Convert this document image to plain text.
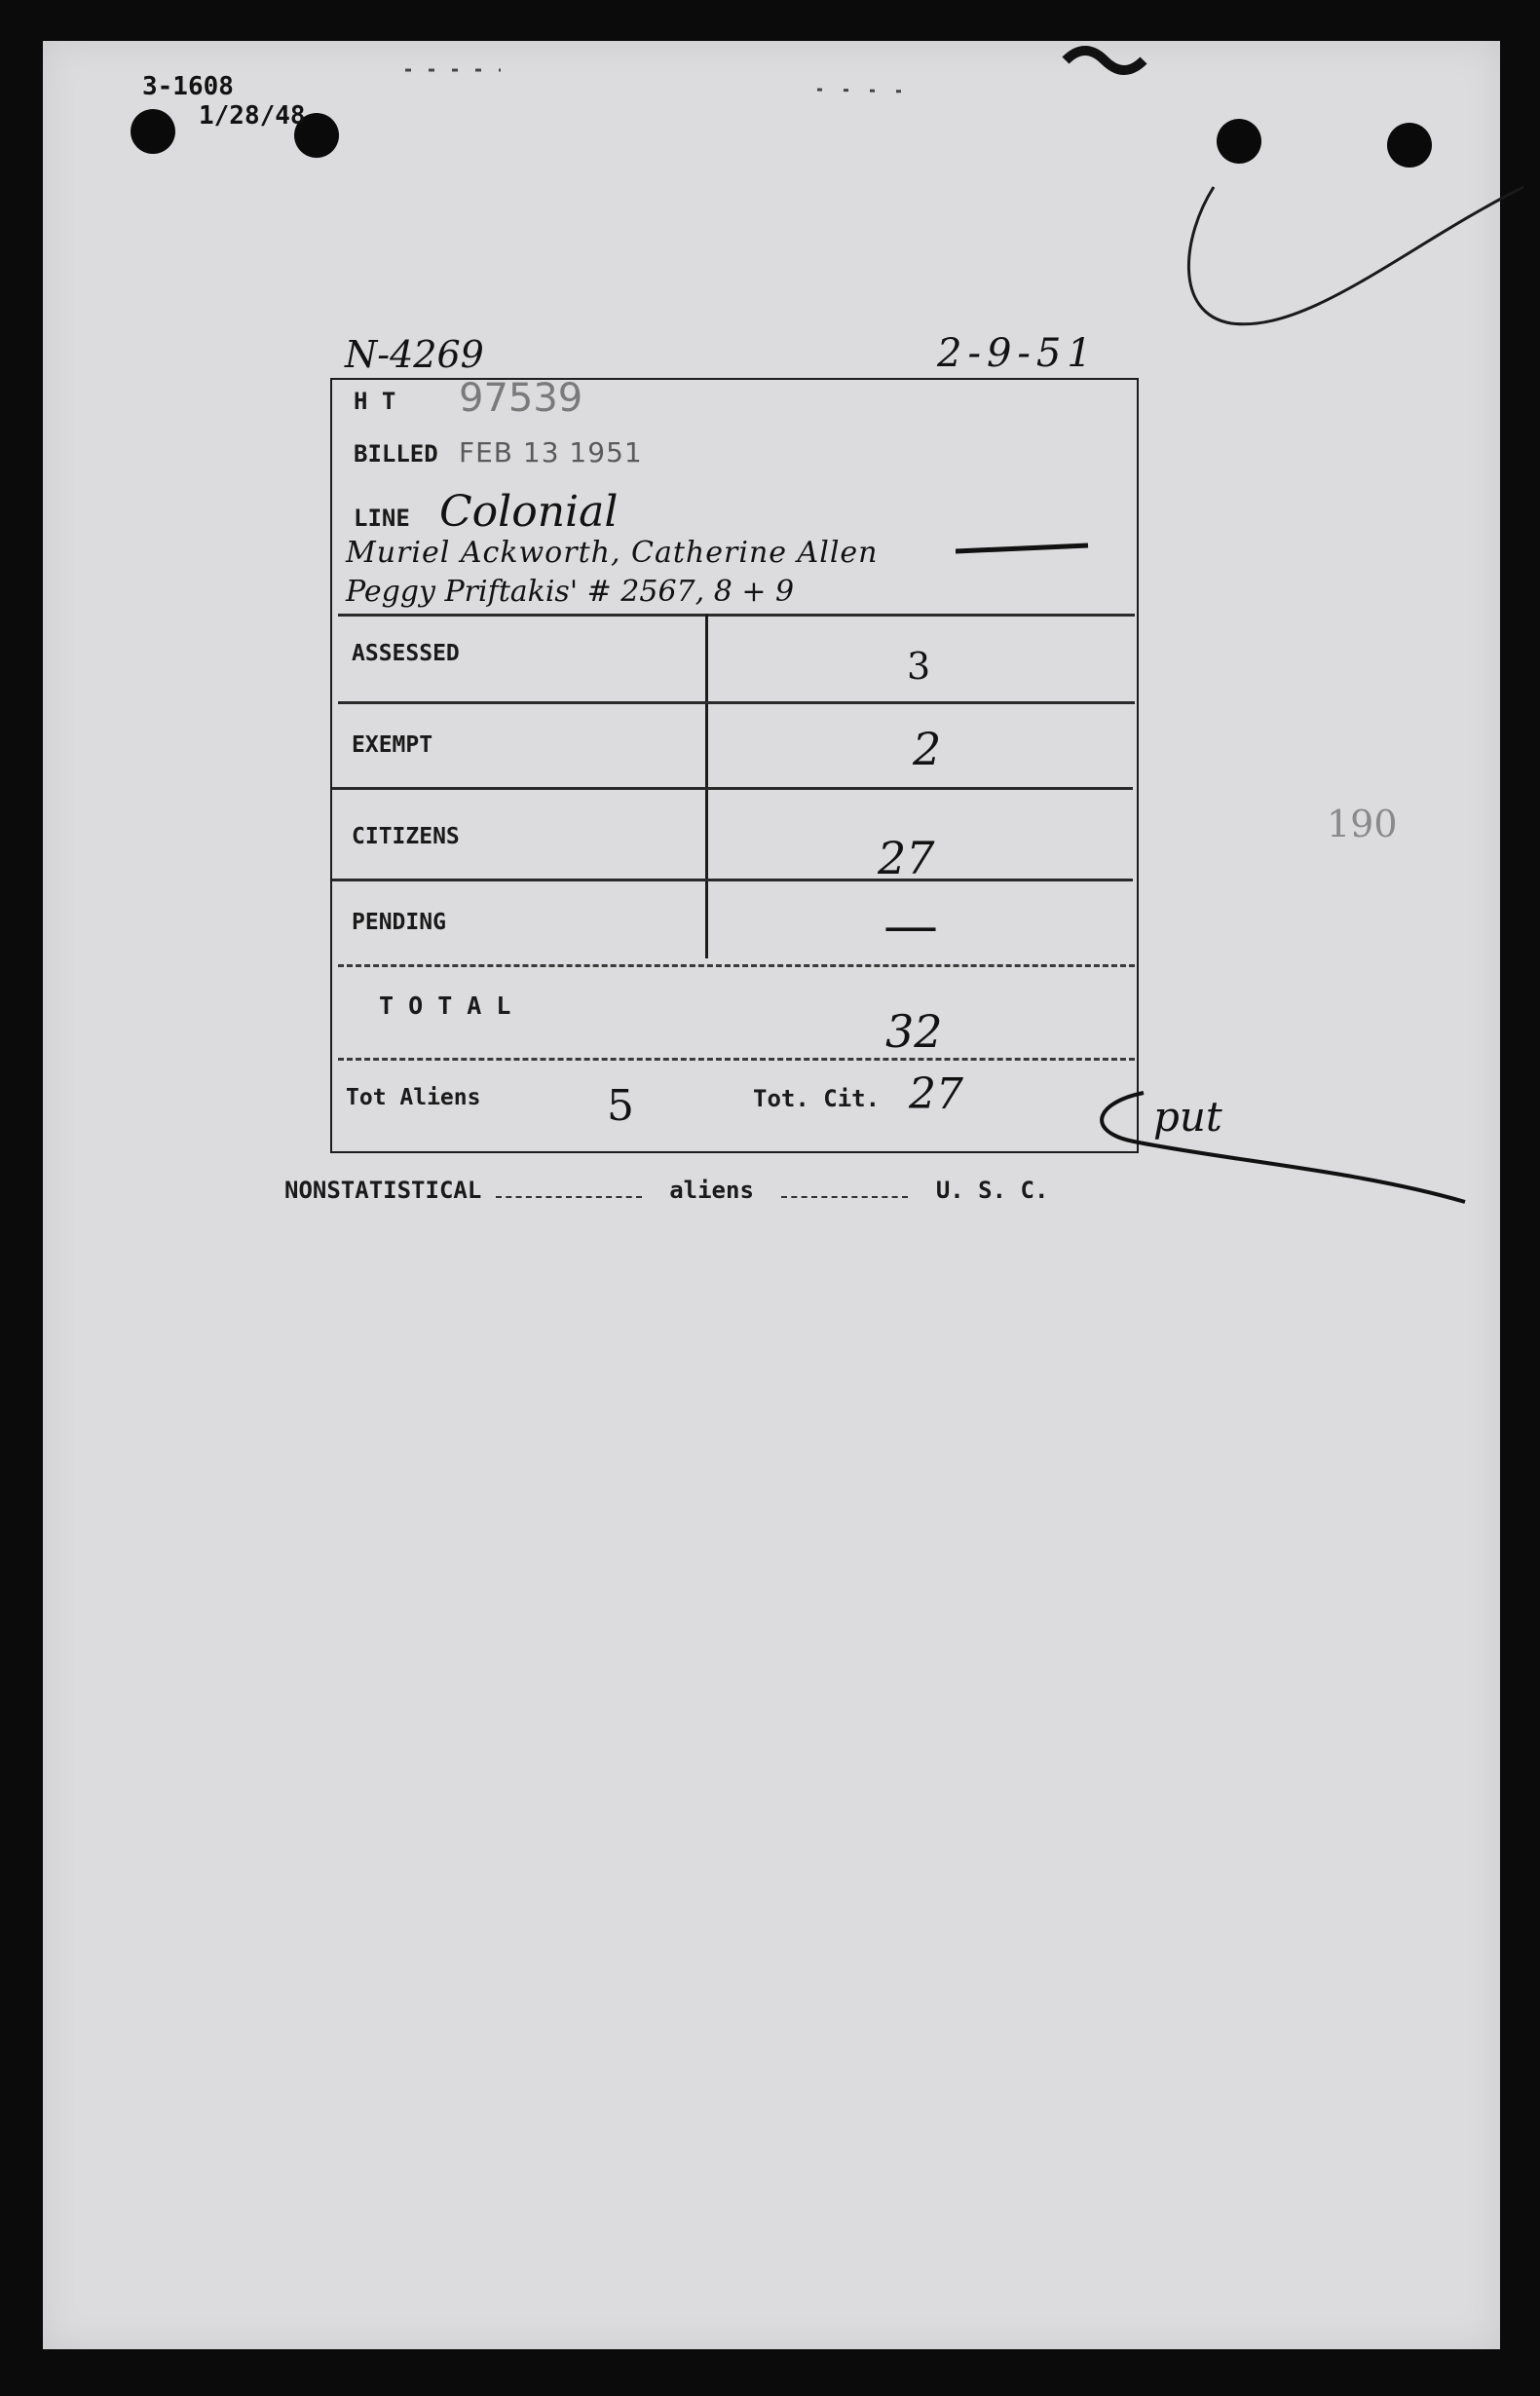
3-1608
1/28/48
N-4269	2-9-51
190
H T 97539
BILLED FEB 13 1951
LINE Colonial
Muriel Ackworth, Catherine Allen
Peggy Priftakis' # 2567, 8 + 9
ASSESSED	3
EXEMPT	2
CITIZENS	27
PENDING	—
T O T A L	32
Tot Aliens	5	Tot. Cit. 27	put
NONSTATISTICAL	aliens	U. S. C.
